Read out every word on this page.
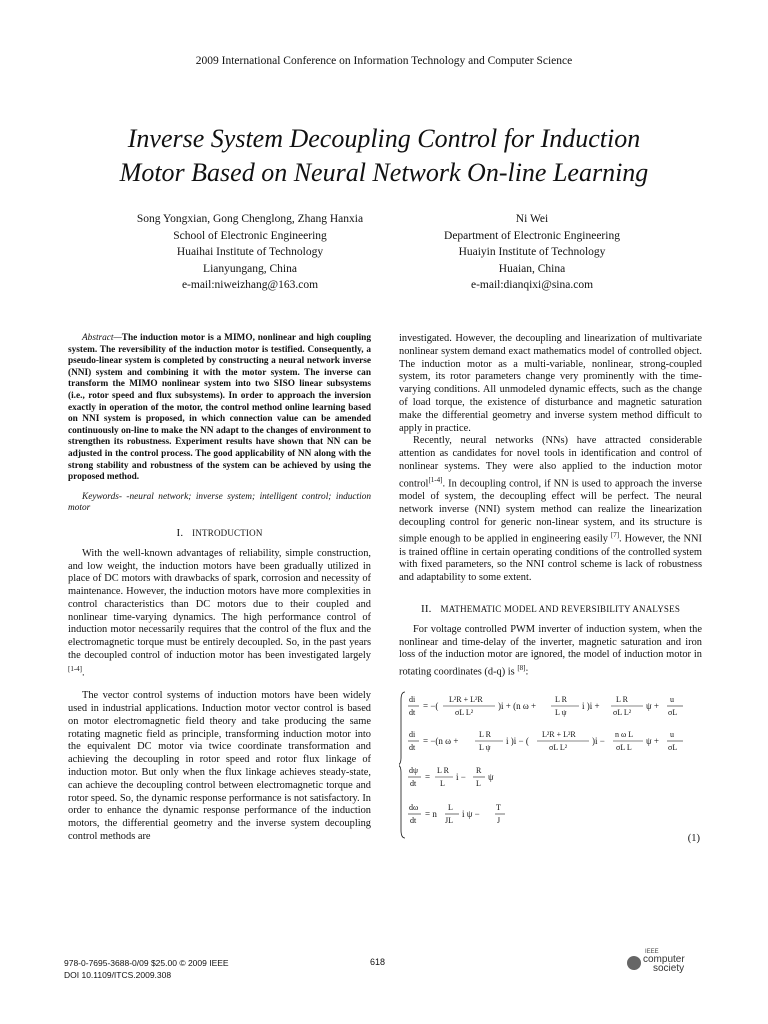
2009 International Conference on Information Technology and Computer Science
Inverse System Decoupling Control for Induction
Motor Based on Neural Network On-line Learning
Song Yongxian, Gong Chenglong, Zhang Hanxia
School of Electronic Engineering
Huaihai Institute of Technology
Lianyungang, China
e-mail:niweizhang@163.com
Ni Wei
Department of Electronic Engineering
Huaiyin Institute of Technology
Huaian, China
e-mail:dianqixi@sina.com

Abstract—The induction motor is a MIMO, nonlinear and high coupling system. The reversibility of the induction motor is testified. Consequently, a pseudo-linear system is completed by constructing a neural network inverse (NNI) system and combining it with the motor system. The inverse can transform the MIMO nonlinear system into two SISO linear subsystems (i.e., rotor speed and flux subsystems). In order to approach the inversion exactly in operation of the motor, the control method online learning based on NNI system is proposed, in which connection value can be amended continuously on-line to make the NN adapt to the changes of environment to strengthen its robustness. Experiment results have shown that NN can be adjusted in the control process. The good applicability of NN along with the strong stability and robustness of the system can be achieved by using the proposed method.

Keywords- -neural network; inverse system; intelligent control; induction motor

I. INTRODUCTION

With the well-known advantages of reliability, simple construction, and low weight, the induction motors have been gradually utilized in place of DC motors with drawbacks of spark, corrosion and necessity of maintenance. However, the induction motors have more complexities in control characteristics than DC motors due to their coupled and nonlinear time-varying dynamics. The high performance control of induction motor necessarily requires that the control of the flux and the electromagnetic torque must be entirely decoupled. So, in the past years the decoupled control of induction motor has been investigated largely [1-4].

The vector control systems of induction motors have been widely used in industrial applications. Induction motor vector control is based on motor electromagnetic field theory and take producing the same rotating magnetic field as principle, transforming induction motor into the equivalent DC motor via twice coordinate transformation and achieving the decoupling in rotor speed and rotor flux linkage of induction motor. But only when the flux linkage achieves steady-state, can achieve the decoupling control between electromagnetic torque and rotor speed. So, the dynamic response performance is not satisfactory. In order to enhance the dynamic response performance of the induction motors, the differential geometry and the inverse system decoupling control methods are

investigated. However, the decoupling and linearization of multivariate nonlinear system demand exact mathematics model of controlled object. The induction motor as a multi-variable, nonlinear, strong-coupled system, its rotor parameters change very prominently with the time-varying conditions. All unmodeled dynamic effects, such as the change of load torque, the existence of disturbance and magnetic saturation make the differential geometry and inverse system method difficult to apply in practice.

Recently, neural networks (NNs) have attracted considerable attention as candidates for novel tools in identification and control of nonlinear systems. They were also applied to the induction motor control[1-4]. In decoupling control, if NN is used to approach the inverse model of system, the decoupling effect will be perfect. The neural network inverse (NNI) system method can realize the linearization decoupling control for generic non-linear system, and its structure is simple enough to be applied in engineering easily [7]. However, the NNI is trained offline in certain operating conditions of the controlled system with fixed parameters, so the NNI control scheme is lack of robustness and adaptability to some extent.

II. MATHEMATIC MODEL AND REVERSIBILITY ANALYSES

For voltage controlled PWM inverter of induction system, when the nonlinear and time-delay of the inverter, magnetic saturation and iron loss of the induction motor are ignored, the model of induction motor in rotating coordinates (d-q) is [8]:

di
dt
= −(
L²R + L²R
σL L²
)i + (n ω +
L R
L ψ
i )i +
L R
σL L²
ψ +
u
σL
di
dt
= −(n ω +
L R
L ψ
i )i − (
L²R + L²R
σL L²
)i −
n ω L
σL L
ψ +
u
σL
dψ
dt
=
L R
L
i −
R
L
ψ
dω
dt
= n
L
JL
i ψ −
T
J
(1)
978-0-7695-3688-0/09 $25.00 © 2009 IEEE
DOI 10.1109/ITCS.2009.308
618
IEEE
computer
society
